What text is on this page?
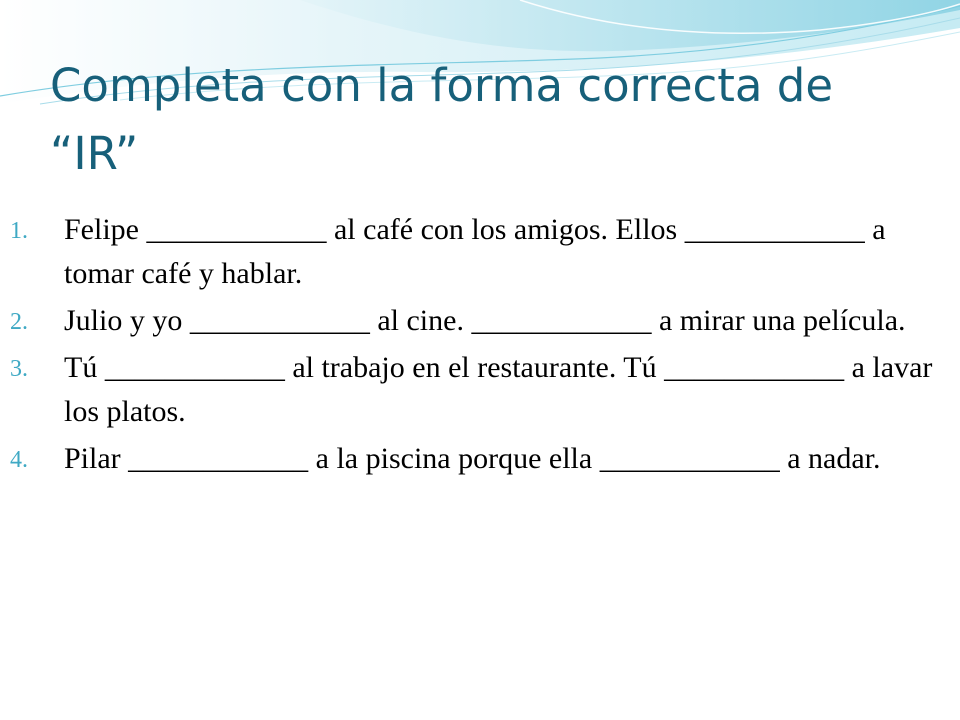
Completa con la forma correcta de “IR”
1. Felipe ____________ al café con los amigos. Ellos ____________ a tomar café y hablar.
2. Julio y yo ____________ al cine. ____________ a mirar una película.
3. Tú ____________ al trabajo en el restaurante. Tú ____________ a lavar los platos.
4. Pilar ____________ a la piscina porque ella ____________ a nadar.
